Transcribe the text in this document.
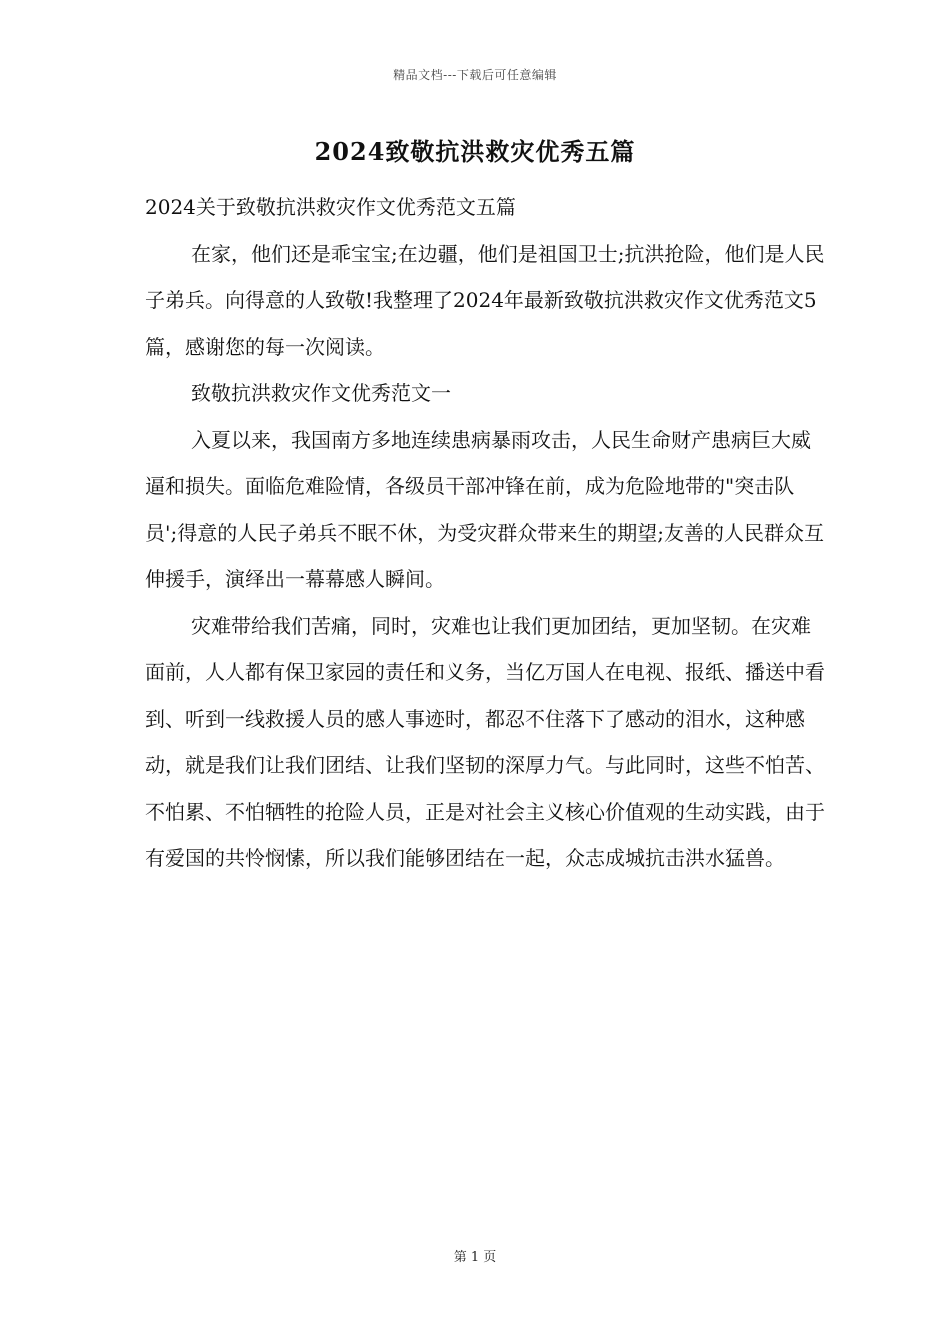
精品文档---下载后可任意编辑
2024致敬抗洪救灾优秀五篇

2024关于致敬抗洪救灾作文优秀范文五篇

在家，他们还是乖宝宝;在边疆，他们是祖国卫士;抗洪抢险，他们是人民子弟兵。向得意的人致敬!我整理了2024年最新致敬抗洪救灾作文优秀范文5篇，感谢您的每一次阅读。

致敬抗洪救灾作文优秀范文一

入夏以来，我国南方多地连续患病暴雨攻击，人民生命财产患病巨大威逼和损失。面临危难险情，各级员干部冲锋在前，成为危险地带的"突击队员';得意的人民子弟兵不眠不休，为受灾群众带来生的期望;友善的人民群众互伸援手，演绎出一幕幕感人瞬间。

灾难带给我们苦痛，同时，灾难也让我们更加团结，更加坚韧。在灾难面前，人人都有保卫家园的责任和义务，当亿万国人在电视、报纸、播送中看到、听到一线救援人员的感人事迹时，都忍不住落下了感动的泪水，这种感动，就是我们让我们团结、让我们坚韧的深厚力气。与此同时，这些不怕苦、不怕累、不怕牺牲的抢险人员，正是对社会主义核心价值观的生动实践，由于有爱国的共怜悯愫，所以我们能够团结在一起，众志成城抗击洪水猛兽。

第 1 页
